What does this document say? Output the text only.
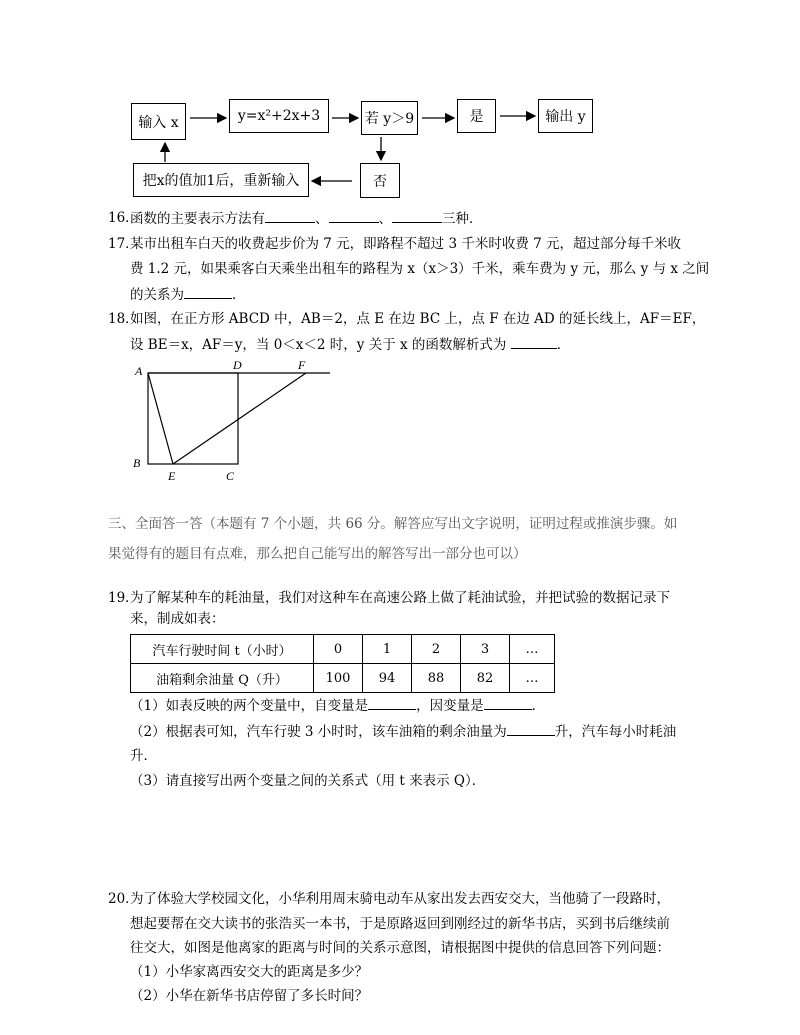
输入 x	y=x²+2x+3	若 y＞9	是	输出 y
否
把x的值加1后，重新输入
16．
函数的主要表示方法有	、	、	三种．
17．
某市出租车白天的收费起步价为 7 元，即路程不超过 3 千米时收费 7 元，超过部分每千米收
费 1.2 元，如果乘客白天乘坐出租车的路程为 x（x＞3）千米，乘车费为 y 元，那么 y 与 x 之间
的关系为	．
18．
如图，在正方形 ABCD 中，AB＝2，点 E 在边 BC 上，点 F 在边 AD 的延长线上，AF＝EF，
设 BE＝x，AF＝y，当 0＜x＜2 时，y 关于 x 的函数解析式为	．
A	D	F
B
E	C
三、全面答一答（本题有 7 个小题，共 66 分。解答应写出文字说明，证明过程或推演步骤。如
果觉得有的题目有点难，那么把自己能写出的解答写出一部分也可以）
19．
为了解某种车的耗油量，我们对这种车在高速公路上做了耗油试验，并把试验的数据记录下
来，制成如表：
汽车行驶时间 t（小时）	0	1	2	3	…
油箱剩余油量 Q（升）	100	94	88	82	…
（1）如表反映的两个变量中，自变量是	，因变量是	．
（2）根据表可知，汽车行驶 3 小时时，该车油箱的剩余油量为	升，汽车每小时耗油
升．
（3）请直接写出两个变量之间的关系式（用 t 来表示 Q）．
20．
为了体验大学校园文化，小华利用周末骑电动车从家出发去西安交大，当他骑了一段路时，
想起要帮在交大读书的张浩买一本书，于是原路返回到刚经过的新华书店，买到书后继续前
往交大，如图是他离家的距离与时间的关系示意图，请根据图中提供的信息回答下列问题：
（1）小华家离西安交大的距离是多少？
（2）小华在新华书店停留了多长时间？
